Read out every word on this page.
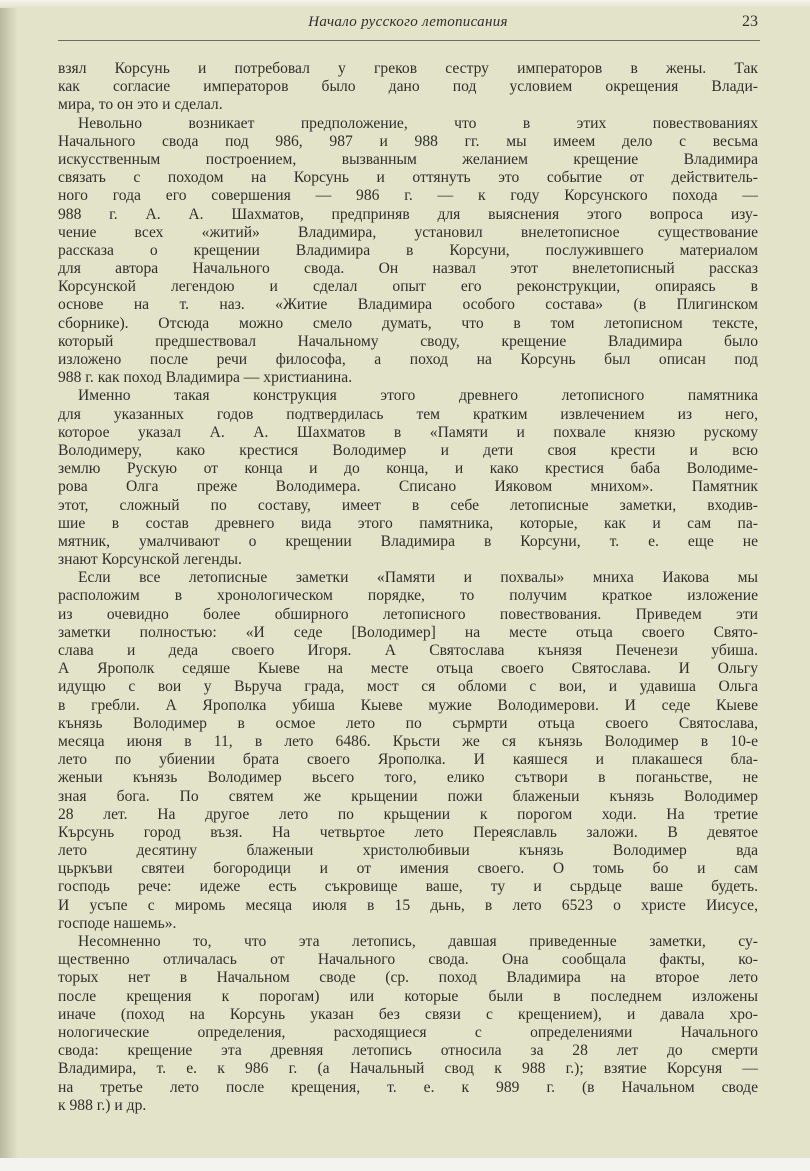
Начало русского летописания	23
взял Корсунь и потребовал у греков сестру императоров в жены. Так
как согласие императоров было дано под условием окрещения Влади-
мира, то он это и сделал.
Невольно возникает предположение, что в этих повествованиях
Начального свода под 986, 987 и 988 гг. мы имеем дело с весьма
искусственным построением, вызванным желанием крещение Владимира
связать с походом на Корсунь и оттянуть это событие от действитель-
ного года его совершения — 986 г. — к году Корсунского похода —
988 г. А. А. Шахматов, предприняв для выяснения этого вопроса изу-
чение всех «житий» Владимира, установил внелетописное существование
рассказа о крещении Владимира в Корсуни, послужившего материалом
для автора Начального свода. Он назвал этот внелетописный рассказ
Корсунской легендою и сделал опыт его реконструкции, опираясь в
основе на т. наз. «Житие Владимира особого состава» (в Плигинском
сборнике). Отсюда можно смело думать, что в том летописном тексте,
который предшествовал Начальному своду, крещение Владимира было
изложено после речи философа, а поход на Корсунь был описан под
988 г. как поход Владимира — христианина.
Именно такая конструкция этого древнего летописного памятника
для указанных годов подтвердилась тем кратким извлечением из него,
которое указал А. А. Шахматов в «Памяти и похвале князю рускому
Володимеру, како крестися Володимер и дети своя крести и всю
землю Рускую от конца и до конца, и како крестися баба Володиме-
рова Олга преже Володимера. Списано Ияковом мнихом». Памятник
этот, сложный по составу, имеет в себе летописные заметки, входив-
шие в состав древнего вида этого памятника, которые, как и сам па-
мятник, умалчивают о крещении Владимира в Корсуни, т. е. еще не
знают Корсунской легенды.
Если все летописные заметки «Памяти и похвалы» мниха Иакова мы
расположим в хронологическом порядке, то получим краткое изложение
из очевидно более обширного летописного повествования. Приведем эти
заметки полностью: «И седе [Володимер] на месте отьца своего Свято-
слава и деда своего Игоря. А Святослава кънязя Печенези убиша.
А Ярополк седяше Кыеве на месте отьца своего Святослава. И Ольгу
идущю с вои у Вьруча града, мост ся обломи с вои, и удавиша Ольга
в гребли. А Ярополка убиша Кыеве мужие Володимерови. И седе Кыеве
кънязь Володимер в осмое лето по сърмрти отьца своего Святослава,
месяца июня в 11, в лето 6486. Крьсти же ся кънязь Володимер в 10-е
лето по убиении брата своего Ярополка. И каяшеся и плакашеся бла-
женыи кънязь Володимер вьсего того, елико сътвори в поганьстве, не
зная бога. По святем же крьщении пожи блаженыи кънязь Володимер
28 лет. На другое лето по крьщении к порогом ходи. На третие
Кърсунь город възя. На четвьртое лето Переяславль заложи. В девятое
лето десятину блаженыи христолюбивыи кънязь Володимер вда
цьркъви святеи богородици и от имения своего. О томь бо и сам
господь рече: идеже есть съкровище ваше, ту и сьрдьце ваше будеть.
И усъпе с миромь месяца июля в 15 дьнь, в лето 6523 о христе Иисусе,
господе нашемь».
Несомненно то, что эта летопись, давшая приведенные заметки, су-
щественно отличалась от Начального свода. Она сообщала факты, ко-
торых нет в Начальном своде (ср. поход Владимира на второе лето
после крещения к порогам) или которые были в последнем изложены
иначе (поход на Корсунь указан без связи с крещением), и давала хро-
нологические определения, расходящиеся с определениями Начального
свода: крещение эта древняя летопись относила за 28 лет до смерти
Владимира, т. е. к 986 г. (а Начальный свод к 988 г.); взятие Корсуня —
на третье лето после крещения, т. е. к 989 г. (в Начальном своде
к 988 г.) и др.
